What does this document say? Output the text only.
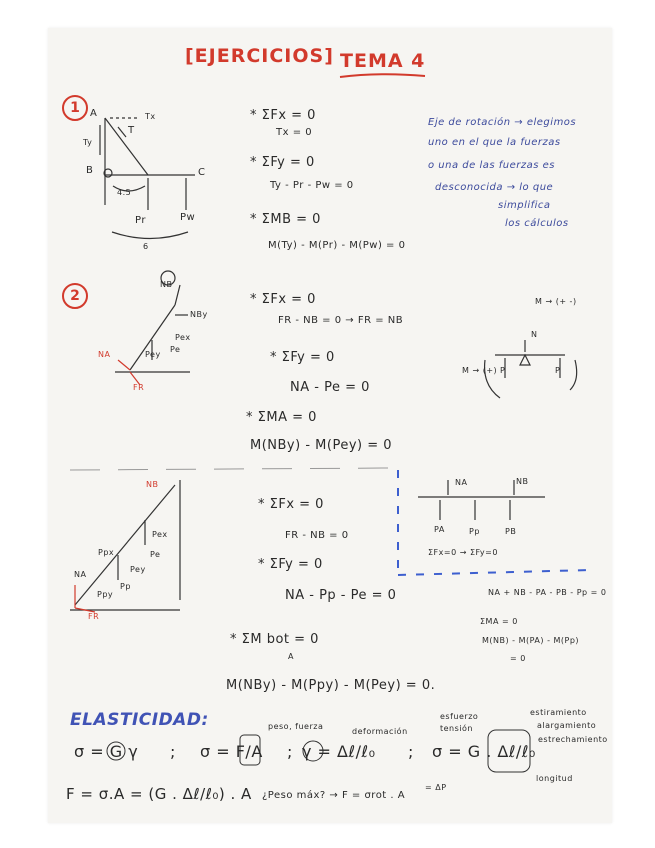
[EJERCICIOS] TEMA 4
1	A
T
Tx
Ty
B	C
4.5
Pr	Pw
6
* ΣFx = 0
Tx = 0
* ΣFy = 0
Ty - Pr - Pw = 0
* ΣMB = 0
M(Ty) - M(Pr) - M(Pw) = 0
Eje de rotación → elegimos
uno en el que la fuerzas
o una de las fuerzas es
desconocida → lo que
simplifica
los cálculos
2
NB
NBy
Pex
Pe
Pey
NA
FR
* ΣFx = 0
FR - NB = 0 → FR = NB
* ΣFy = 0
NA - Pe = 0
* ΣMA = 0
M(NBy) - M(Pey) = 0
M → (+ -)
M → (+)
N
P	P
NA
FR
NB
Pex
Pe
Ppx
Pey
Ppy
Pp
* ΣFx = 0
FR - NB = 0
* ΣFy = 0
NA - Pp - Pe = 0
* ΣM bot = 0
A
M(NBy) - M(Ppy) - M(Pey) = 0.
NA	NB
PA	Pp	PB
ΣFx=0 → ΣFy=0
NA + NB - PA - PB - Pp = 0
ΣMA = 0
M(NB) - M(PA) - M(Pp)
= 0
ELASTICIDAD:
σ = G γ ; σ = F/A ; γ = Δℓ/ℓ₀ ; σ = G . Δℓ/ℓ₀
peso, fuerza
deformación
esfuerzo
tensión
estiramiento
alargamiento
estrechamiento
longitud
F = σ.A = (G . Δℓ/ℓ₀) . A ¿Peso máx? → F = σrot . A
= ΔP
